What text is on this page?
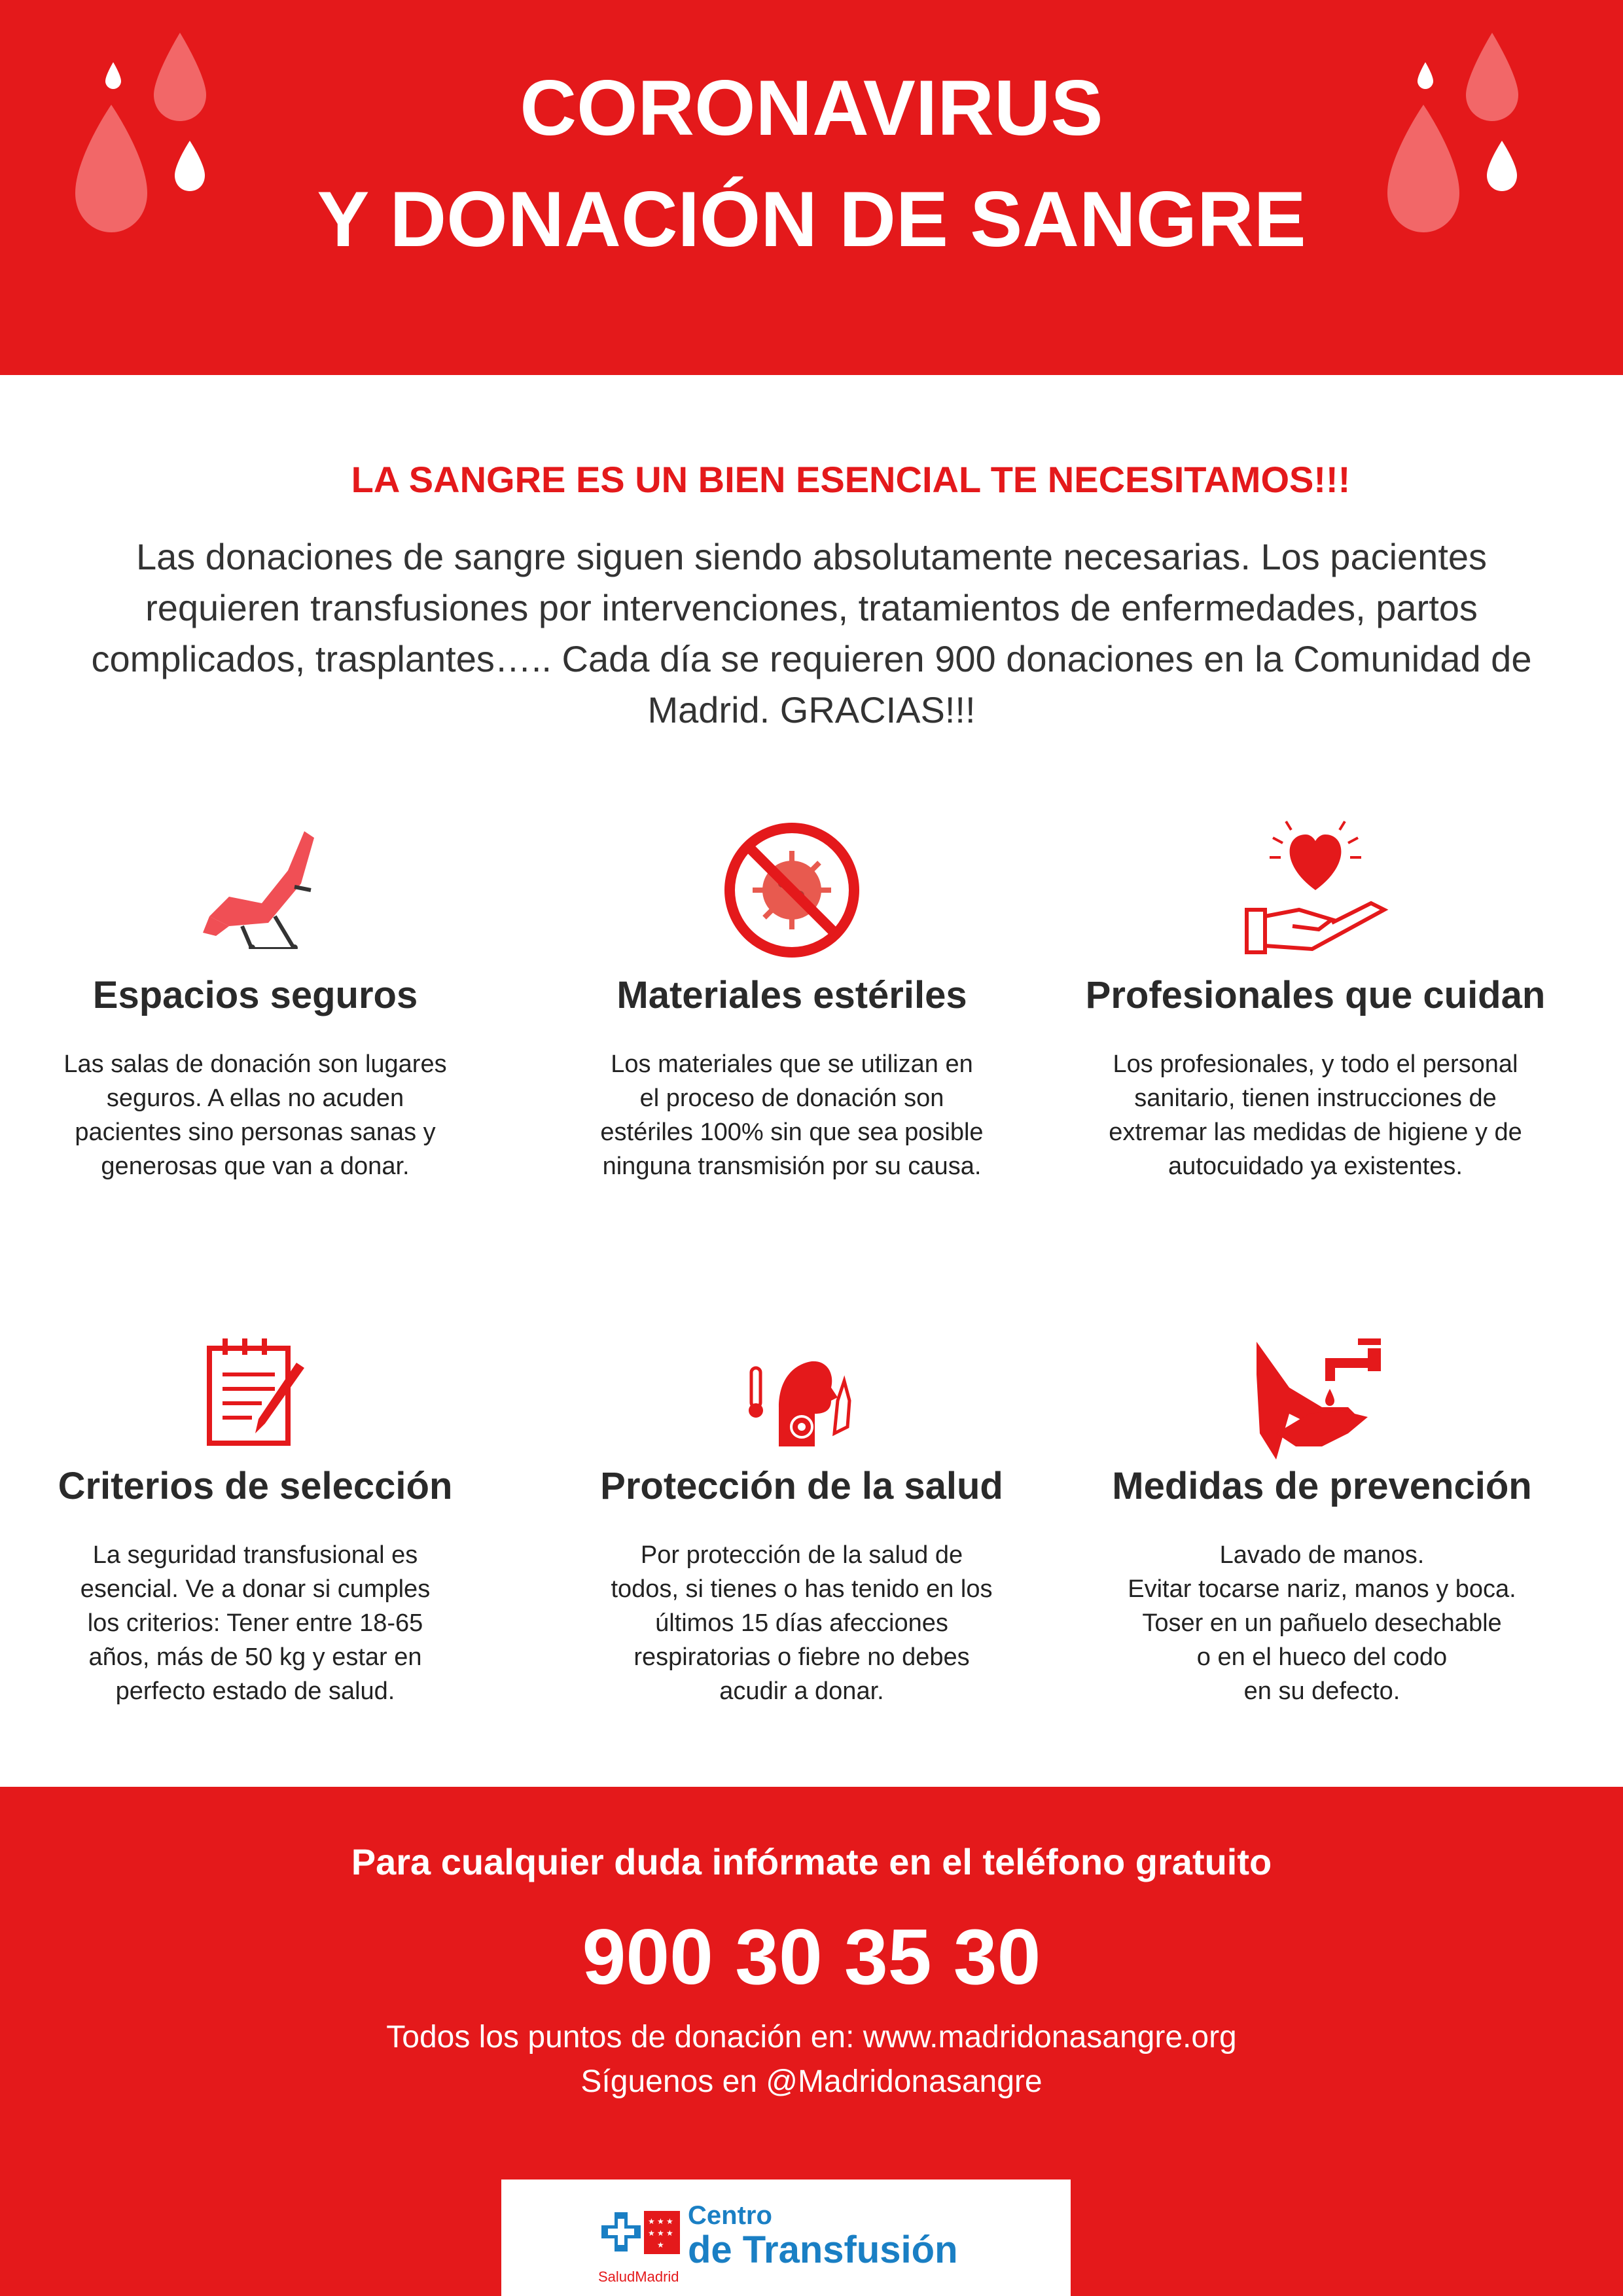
CORONAVIRUS
Y DONACIÓN DE SANGRE
LA SANGRE ES UN BIEN ESENCIAL TE NECESITAMOS!!!
Las donaciones de sangre siguen siendo absolutamente necesarias. Los pacientes requieren transfusiones por intervenciones, tratamientos de enfermedades, partos complicados, trasplantes….. Cada día se requieren 900 donaciones en la Comunidad de Madrid. GRACIAS!!!
Espacios seguros

Las salas de donación son lugares
seguros. A ellas no acuden
pacientes sino personas sanas y
generosas que van a donar.

Materiales estériles

Los materiales que se utilizan en
el proceso de donación son
estériles 100% sin que sea posible
ninguna transmisión por su causa.

Profesionales que cuidan

Los profesionales, y todo el personal
sanitario, tienen instrucciones de
extremar las medidas de higiene y de
autocuidado ya existentes.

Criterios de selección

La seguridad transfusional es
esencial. Ve a donar si cumples
los criterios: Tener entre 18-65
años, más de 50 kg y estar en
perfecto estado de salud.

Protección de la salud

Por protección de la salud de
todos, si tienes o has tenido en los
últimos 15 días afecciones
respiratorias o fiebre no debes
acudir a donar.

Medidas de prevención

Lavado de manos.
Evitar tocarse nariz, manos y boca.
Toser en un pañuelo desechable
o en el hueco del codo
en su defecto.

Para cualquier duda infórmate en el teléfono gratuito
900 30 35 30
Todos los puntos de donación en: www.madridonasangre.org
Síguenos en @Madridonasangre
★ ★ ★
★ ★ ★
★
SaludMadrid
Centro
de Transfusión
